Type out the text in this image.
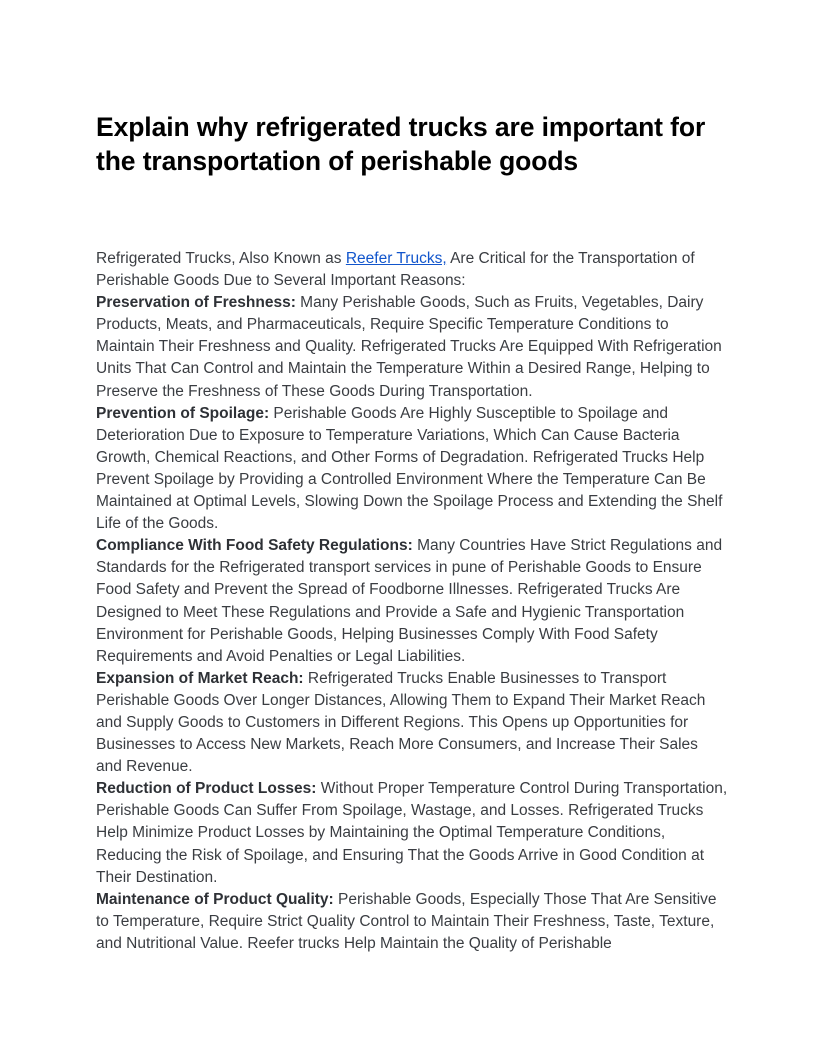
Explain why refrigerated trucks are important for the transportation of perishable goods

Refrigerated Trucks, Also Known as Reefer Trucks, Are Critical for the Transportation of Perishable Goods Due to Several Important Reasons:

Preservation of Freshness: Many Perishable Goods, Such as Fruits, Vegetables, Dairy Products, Meats, and Pharmaceuticals, Require Specific Temperature Conditions to Maintain Their Freshness and Quality. Refrigerated Trucks Are Equipped With Refrigeration Units That Can Control and Maintain the Temperature Within a Desired Range, Helping to Preserve the Freshness of These Goods During Transportation.

Prevention of Spoilage: Perishable Goods Are Highly Susceptible to Spoilage and Deterioration Due to Exposure to Temperature Variations, Which Can Cause Bacteria Growth, Chemical Reactions, and Other Forms of Degradation. Refrigerated Trucks Help Prevent Spoilage by Providing a Controlled Environment Where the Temperature Can Be Maintained at Optimal Levels, Slowing Down the Spoilage Process and Extending the Shelf Life of the Goods.

Compliance With Food Safety Regulations: Many Countries Have Strict Regulations and Standards for the Refrigerated transport services in pune of Perishable Goods to Ensure Food Safety and Prevent the Spread of Foodborne Illnesses. Refrigerated Trucks Are Designed to Meet These Regulations and Provide a Safe and Hygienic Transportation Environment for Perishable Goods, Helping Businesses Comply With Food Safety Requirements and Avoid Penalties or Legal Liabilities.

Expansion of Market Reach: Refrigerated Trucks Enable Businesses to Transport Perishable Goods Over Longer Distances, Allowing Them to Expand Their Market Reach and Supply Goods to Customers in Different Regions. This Opens up Opportunities for Businesses to Access New Markets, Reach More Consumers, and Increase Their Sales and Revenue.

Reduction of Product Losses: Without Proper Temperature Control During Transportation, Perishable Goods Can Suffer From Spoilage, Wastage, and Losses. Refrigerated Trucks Help Minimize Product Losses by Maintaining the Optimal Temperature Conditions, Reducing the Risk of Spoilage, and Ensuring That the Goods Arrive in Good Condition at Their Destination.

Maintenance of Product Quality: Perishable Goods, Especially Those That Are Sensitive to Temperature, Require Strict Quality Control to Maintain Their Freshness, Taste, Texture, and Nutritional Value. Reefer trucks Help Maintain the Quality of Perishable
